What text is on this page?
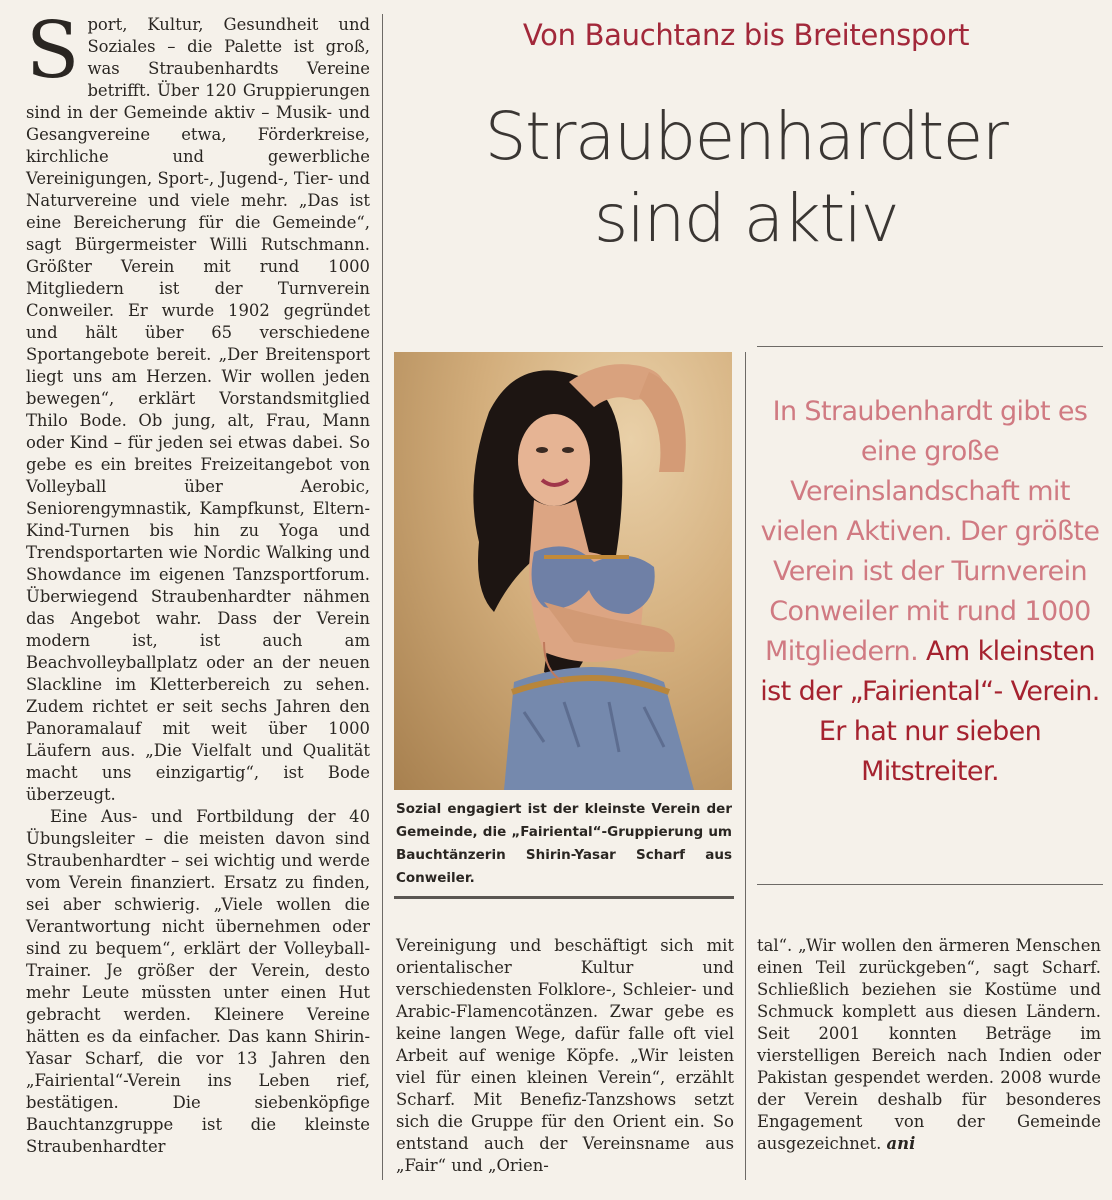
Sport, Kultur, Gesundheit und Soziales – die Palette ist groß, was Straubenhardts Vereine betrifft. Über 120 Gruppierungen sind in der Gemeinde aktiv – Musik- und Gesangvereine etwa, Förderkreise, kirchliche und gewerbliche Vereinigungen, Sport-, Jugend-, Tier- und Naturvereine und viele mehr. „Das ist eine Bereicherung für die Gemeinde“, sagt Bürgermeister Willi Rutschmann. Größter Verein mit rund 1000 Mitgliedern ist der Turnverein Conweiler. Er wurde 1902 gegründet und hält über 65 verschiedene Sportangebote bereit. „Der Breitensport liegt uns am Herzen. Wir wollen jeden bewegen“, erklärt Vorstandsmitglied Thilo Bode. Ob jung, alt, Frau, Mann oder Kind – für jeden sei etwas dabei. So gebe es ein breites Freizeitangebot von Volleyball über Aerobic, Seniorengymnastik, Kampfkunst, Eltern-Kind-Turnen bis hin zu Yoga und Trendsportarten wie Nordic Walking und Showdance im eigenen Tanzsportforum. Überwiegend Straubenhardter nähmen das Angebot wahr. Dass der Verein modern ist, ist auch am Beachvolleyballplatz oder an der neuen Slackline im Kletterbereich zu sehen. Zudem richtet er seit sechs Jahren den Panoramalauf mit weit über 1000 Läufern aus. „Die Vielfalt und Qualität macht uns einzigartig“, ist Bode überzeugt.

Eine Aus- und Fortbildung der 40 Übungsleiter – die meisten davon sind Straubenhardter – sei wichtig und werde vom Verein finanziert. Ersatz zu finden, sei aber schwierig. „Viele wollen die Verantwortung nicht übernehmen oder sind zu bequem“, erklärt der Volleyball-Trainer. Je größer der Verein, desto mehr Leute müssten unter einen Hut gebracht werden. Kleinere Vereine hätten es da einfacher. Das kann Shirin-Yasar Scharf, die vor 13 Jahren den „Fairiental“-Verein ins Leben rief, bestätigen. Die siebenköpfige Bauchtanzgruppe ist die kleinste Straubenhardter

Von Bauchtanz bis Breitensport
Straubenhardter
sind aktiv
Sozial engagiert ist der kleinste Verein der Gemeinde, die „Fairiental“-Gruppierung um Bauchtänzerin Shirin-Yasar Scharf aus Conweiler.
In Straubenhardt gibt es eine große Vereinslandschaft mit vielen Aktiven. Der größte Verein ist der Turnverein Conweiler mit rund 1000 Mitgliedern. Am kleinsten ist der „Fairiental“- Verein. Er hat nur sieben Mitstreiter.

Vereinigung und beschäftigt sich mit orientalischer Kultur und verschiedensten Folklore-, Schleier- und Arabic-Flamencotänzen. Zwar gebe es keine langen Wege, dafür falle oft viel Arbeit auf wenige Köpfe. „Wir leisten viel für einen kleinen Verein“, erzählt Scharf. Mit Benefiz-Tanzshows setzt sich die Gruppe für den Orient ein. So entstand auch der Vereinsname aus „Fair“ und „Orien-

tal“. „Wir wollen den ärmeren Menschen einen Teil zurückgeben“, sagt Scharf. Schließlich beziehen sie Kostüme und Schmuck komplett aus diesen Ländern. Seit 2001 konnten Beträge im vierstelligen Bereich nach Indien oder Pakistan gespendet werden. 2008 wurde der Verein deshalb für besonderes Engagement von der Gemeinde ausgezeichnet. ani
